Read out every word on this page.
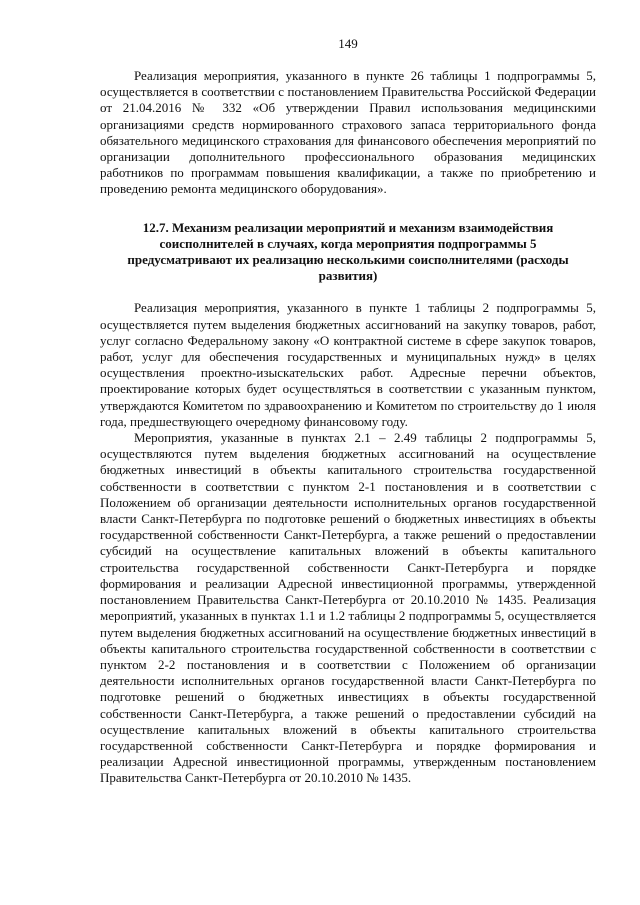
149

Реализация мероприятия, указанного в пункте 26 таблицы 1 подпрограммы 5, осуществляется в соответствии с постановлением Правительства Российской Федерации от 21.04.2016 № 332 «Об утверждении Правил использования медицинскими организациями средств нормированного страхового запаса территориального фонда обязательного медицинского страхования для финансового обеспечения мероприятий по организации дополнительного профессионального образования медицинских работников по программам повышения квалификации, а также по приобретению и проведению ремонта медицинского оборудования».

12.7. Механизм реализации мероприятий и механизм взаимодействия соисполнителей в случаях, когда мероприятия подпрограммы 5 предусматривают их реализацию несколькими соисполнителями (расходы развития)

Реализация мероприятия, указанного в пункте 1 таблицы 2 подпрограммы 5, осуществляется путем выделения бюджетных ассигнований на закупку товаров, работ, услуг согласно Федеральному закону «О контрактной системе в сфере закупок товаров, работ, услуг для обеспечения государственных и муниципальных нужд» в целях осуществления проектно-изыскательских работ. Адресные перечни объектов, проектирование которых будет осуществляться в соответствии с указанным пунктом, утверждаются Комитетом по здравоохранению и Комитетом по строительству до 1 июля года, предшествующего очередному финансовому году.

Мероприятия, указанные в пунктах 2.1 – 2.49 таблицы 2 подпрограммы 5, осуществляются путем выделения бюджетных ассигнований на осуществление бюджетных инвестиций в объекты капитального строительства государственной собственности в соответствии с пунктом 2-1 постановления и в соответствии с Положением об организации деятельности исполнительных органов государственной власти Санкт-Петербурга по подготовке решений о бюджетных инвестициях в объекты государственной собственности Санкт-Петербурга, а также решений о предоставлении субсидий на осуществление капитальных вложений в объекты капитального строительства государственной собственности Санкт-Петербурга и порядке формирования и реализации Адресной инвестиционной программы, утвержденной постановлением Правительства Санкт-Петербурга от 20.10.2010 № 1435. Реализация мероприятий, указанных в пунктах 1.1 и 1.2 таблицы 2 подпрограммы 5, осуществляется путем выделения бюджетных ассигнований на осуществление бюджетных инвестиций в объекты капитального строительства государственной собственности в соответствии с пунктом 2-2 постановления и в соответствии с Положением об организации деятельности исполнительных органов государственной власти Санкт-Петербурга по подготовке решений о бюджетных инвестициях в объекты государственной собственности Санкт-Петербурга, а также решений о предоставлении субсидий на осуществление капитальных вложений в объекты капитального строительства государственной собственности Санкт-Петербурга и порядке формирования и реализации Адресной инвестиционной программы, утвержденным постановлением Правительства Санкт-Петербурга от 20.10.2010 № 1435.
